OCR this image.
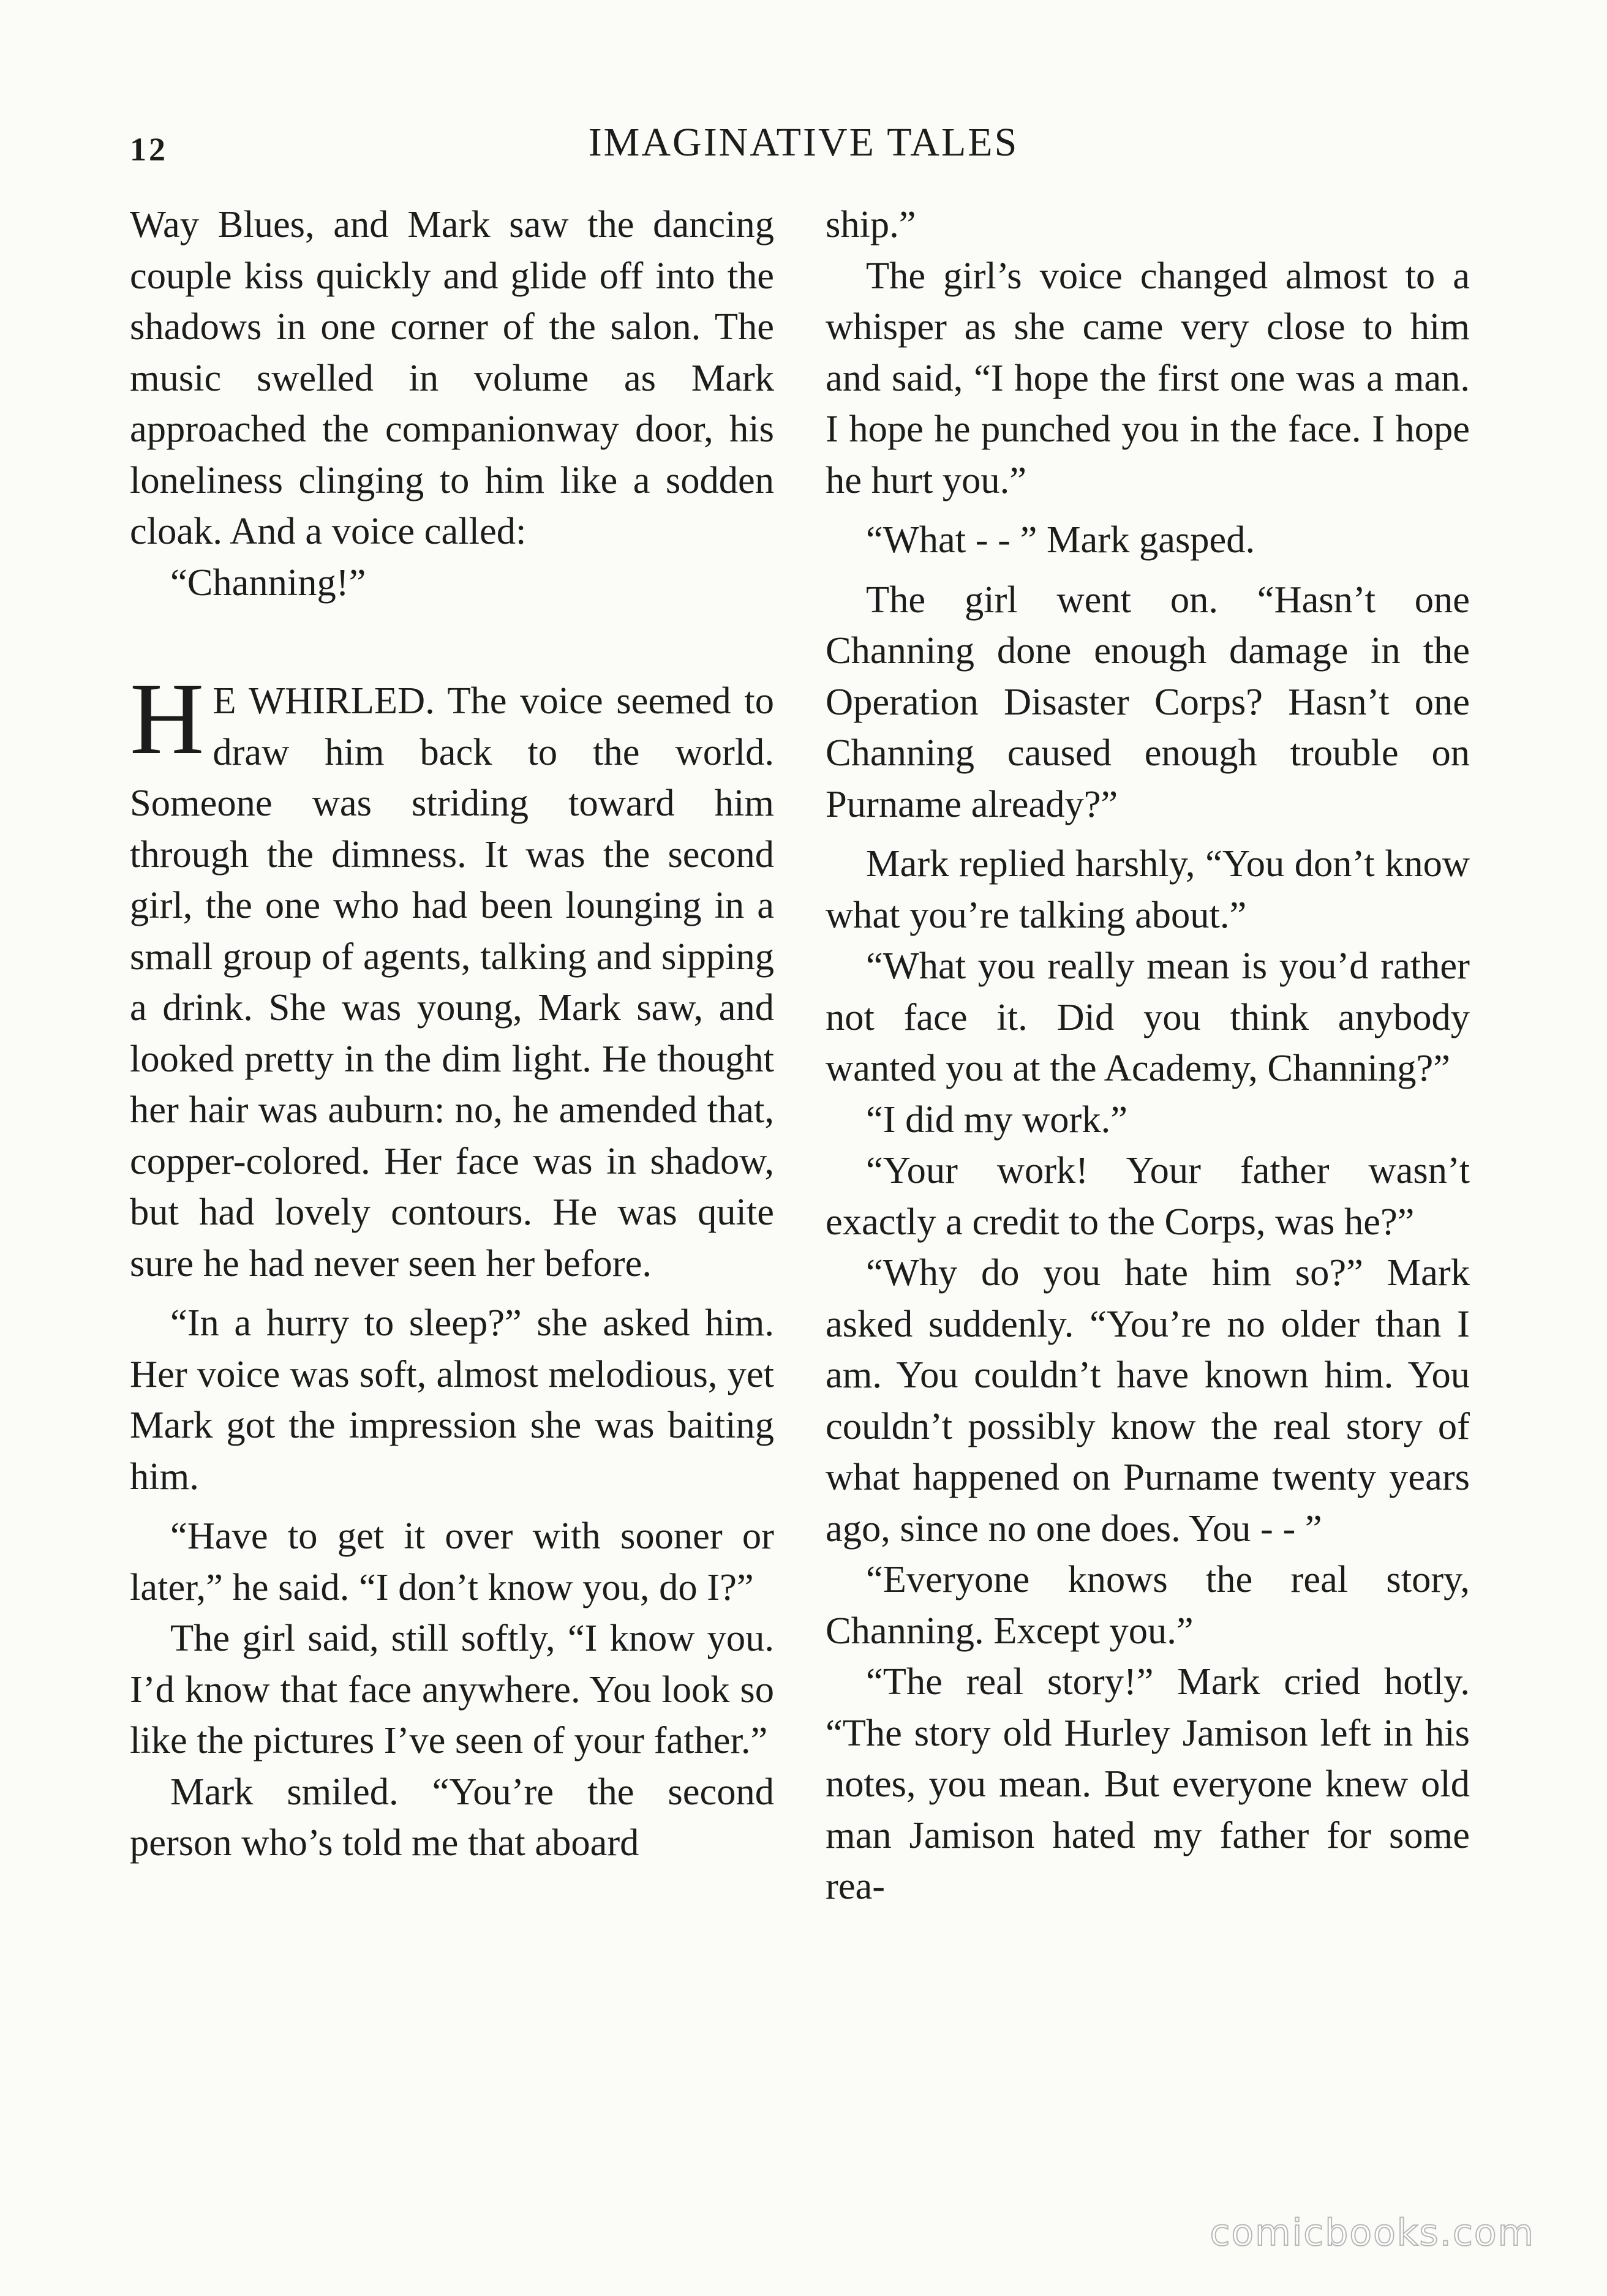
12	IMAGINATIVE TALES

Way Blues, and Mark saw the dancing couple kiss quickly and glide off into the shadows in one corner of the salon. The music swelled in volume as Mark approached the companionway door, his loneliness clinging to him like a sodden cloak. And a voice called:

“Channing!”

H E WHIRLED. The voice seemed to draw him back to the world. Someone was striding toward him through the dimness. It was the second girl, the one who had been lounging in a small group of agents, talking and sipping a drink. She was young, Mark saw, and looked pretty in the dim light. He thought her hair was auburn: no, he amended that, copper-colored. Her face was in shadow, but had lovely contours. He was quite sure he had never seen her before.

“In a hurry to sleep?” she asked him. Her voice was soft, almost melodious, yet Mark got the impression she was baiting him.

“Have to get it over with sooner or later,” he said. “I don’t know you, do I?”

The girl said, still softly, “I know you. I’d know that face anywhere. You look so like the pictures I’ve seen of your father.”

Mark smiled. “You’re the second person who’s told me that aboard

ship.”

The girl’s voice changed almost to a whisper as she came very close to him and said, “I hope the first one was a man. I hope he punched you in the face. I hope he hurt you.”

“What - - ” Mark gasped.

The girl went on. “Hasn’t one Channing done enough damage in the Operation Disaster Corps? Hasn’t one Channing caused enough trouble on Purname already?”

Mark replied harshly, “You don’t know what you’re talking about.”

“What you really mean is you’d rather not face it. Did you think anybody wanted you at the Academy, Channing?”

“I did my work.”

“Your work! Your father wasn’t exactly a credit to the Corps, was he?”

“Why do you hate him so?” Mark asked suddenly. “You’re no older than I am. You couldn’t have known him. You couldn’t possibly know the real story of what happened on Purname twenty years ago, since no one does. You - - ”

“Everyone knows the real story, Channing. Except you.”

“The real story!” Mark cried hotly. “The story old Hurley Jamison left in his notes, you mean. But everyone knew old man Jamison hated my father for some rea-

comicbooks.com
